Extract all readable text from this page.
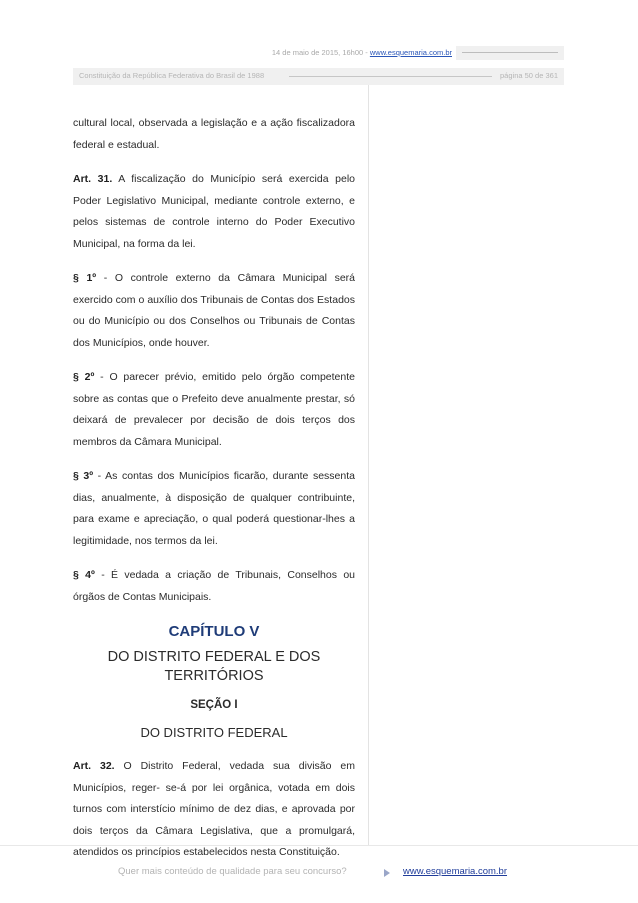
14 de maio de 2015, 16h00 - www.esquemaria.com.br
Constituição da República Federativa do Brasil de 1988	página 50 de 361

cultural local, observada a legislação e a ação fiscalizadora federal e estadual.

Art. 31. A fiscalização do Município será exercida pelo Poder Legislativo Municipal, mediante controle externo, e pelos sistemas de controle interno do Poder Executivo Municipal, na forma da lei.

§ 1º - O controle externo da Câmara Municipal será exercido com o auxílio dos Tribunais de Contas dos Estados ou do Município ou dos Conselhos ou Tribunais de Contas dos Municípios, onde houver.

§ 2º - O parecer prévio, emitido pelo órgão competente sobre as contas que o Prefeito deve anualmente prestar, só deixará de prevalecer por decisão de dois terços dos membros da Câmara Municipal.

§ 3º - As contas dos Municípios ficarão, durante sessenta dias, anualmente, à disposição de qualquer contribuinte, para exame e apreciação, o qual poderá questionar-lhes a legitimidade, nos termos da lei.

§ 4º - É vedada a criação de Tribunais, Conselhos ou órgãos de Contas Municipais.

CAPÍTULO V
DO DISTRITO FEDERAL E DOS TERRITÓRIOS
SEÇÃO I
DO DISTRITO FEDERAL

Art. 32. O Distrito Federal, vedada sua divisão em Municípios, reger- se-á por lei orgânica, votada em dois turnos com interstício mínimo de dez dias, e aprovada por dois terços da Câmara Legislativa, que a promulgará, atendidos os princípios estabelecidos nesta Constituição.

Quer mais conteúdo de qualidade para seu concurso?	www.esquemaria.com.br
